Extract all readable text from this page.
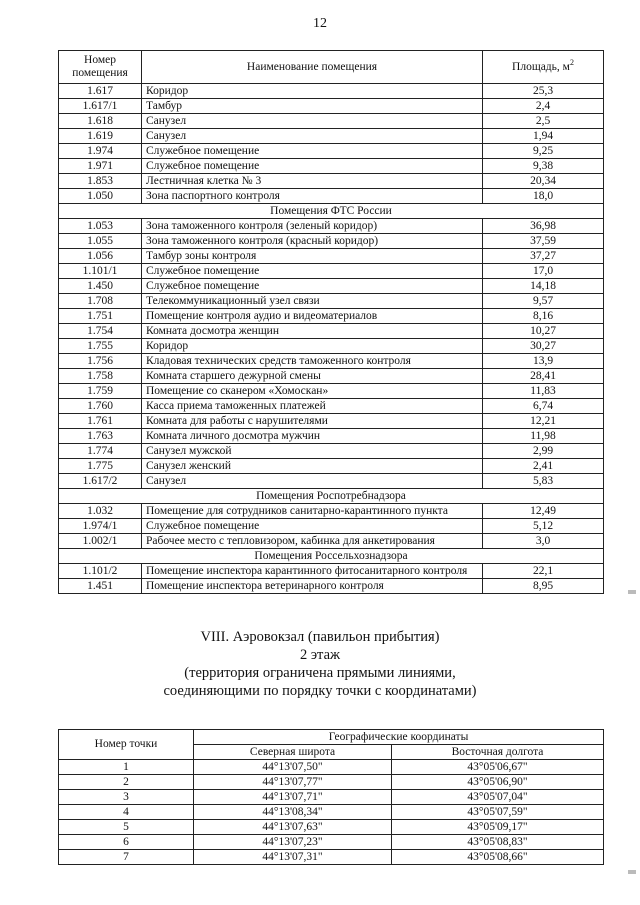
12
Номер помещения	Наименование помещения	Площадь, $м^2$
1.617	Коридор	25,3
1.617/1	Тамбур	2,4
1.618	Санузел	2,5
1.619	Санузел	1,94
1.974	Служебное помещение	9,25
1.971	Служебное помещение	9,38
1.853	Лестничная клетка № 3	20,34
1.050	Зона паспортного контроля	18,0
Помещения ФТС России		
1.053	Зона таможенного контроля (зеленый коридор)	36,98
1.055	Зона таможенного контроля (красный коридор)	37,59
1.056	Тамбур зоны контроля	37,27
1.101/1	Служебное помещение	17,0
1.450	Служебное помещение	14,18
1.708	Телекоммуникационный узел связи	9,57
1.751	Помещение контроля аудио и видеоматериалов	8,16
1.754	Комната досмотра женщин	10,27
1.755	Коридор	30,27
1.756	Кладовая технических средств таможенного контроля	13,9
1.758	Комната старшего дежурной смены	28,41
1.759	Помещение со сканером «Хомоскан»	11,83
1.760	Касса приема таможенных платежей	6,74
1.761	Комната для работы с нарушителями	12,21
1.763	Комната личного досмотра мужчин	11,98
1.774	Санузел мужской	2,99
1.775	Санузел женский	2,41
1.617/2	Санузел	5,83
Помещения Роспотребнадзора		
1.032	Помещение для сотрудников санитарно-карантинного пункта	12,49
1.974/1	Служебное помещение	5,12
1.002/1	Рабочее место с тепловизором, кабинка для анкетирования	3,0
Помещения Россельхознадзора		
1.101/2	Помещение инспектора карантинного фитосанитарного контроля	22,1
1.451	Помещение инспектора ветеринарного контроля	8,95
VIII. Аэровокзал (павильон прибытия)
2 этаж
(территория ограничена прямыми линиями,
соединяющими по порядку точки с координатами)
Номер точки	Географические координаты	
	Северная широта	Восточная долгота
1	44°13'07,50"	43°05'06,67"
2	44°13'07,77"	43°05'06,90"
3	44°13'07,71"	43°05'07,04"
4	44°13'08,34"	43°05'07,59"
5	44°13'07,63"	43°05'09,17"
6	44°13'07,23"	43°05'08,83"
7	44°13'07,31"	43°05'08,66"
